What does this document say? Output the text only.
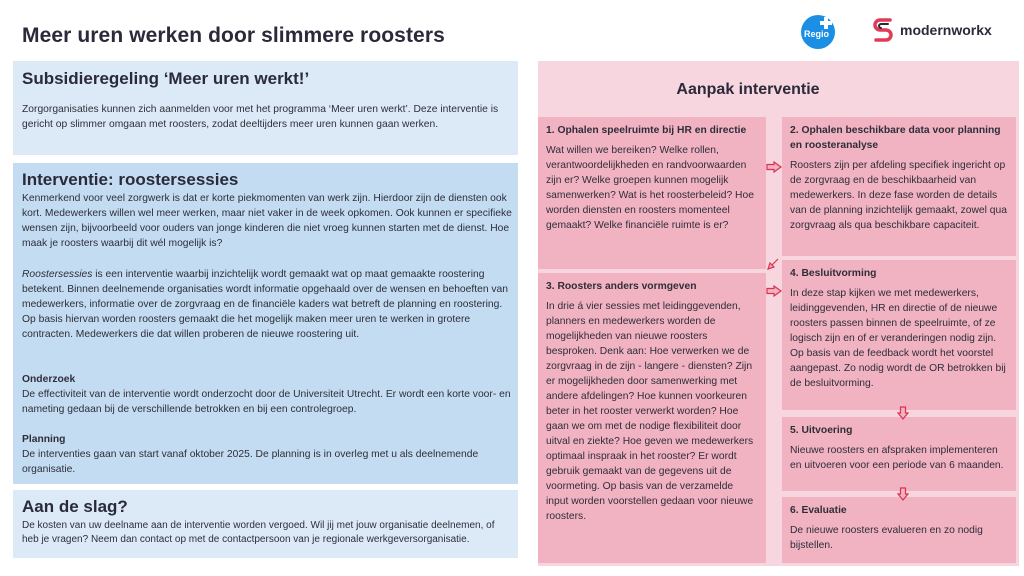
Meer uren werken door slimmere roosters	Regio	modernworkx
Subsidieregeling ‘Meer uren werkt!’
Zorgorganisaties kunnen zich aanmelden voor met het programma ‘Meer uren werkt’. Deze interventie is gericht op slimmer omgaan met roosters, zodat deeltijders meer uren kunnen gaan werken.
Interventie: roostersessies
Kenmerkend voor veel zorgwerk is dat er korte piekmomenten van werk zijn. Hierdoor zijn de diensten ook kort. Medewerkers willen wel meer werken, maar niet vaker in de week opkomen. Ook kunnen er specifieke wensen zijn, bijvoorbeeld voor ouders van jonge kinderen die niet vroeg kunnen starten met de dienst. Hoe maak je roosters waarbij dit wél mogelijk is?
Roostersessies is een interventie waarbij inzichtelijk wordt gemaakt wat op maat gemaakte roostering betekent. Binnen deelnemende organisaties wordt informatie opgehaald over de wensen en behoeften van medewerkers, informatie over de zorgvraag en de financiële kaders wat betreft de planning en roostering. Op basis hiervan worden roosters gemaakt die het mogelijk maken meer uren te werken in grotere contracten. Medewerkers die dat willen proberen de nieuwe roostering uit.
Onderzoek
De effectiviteit van de interventie wordt onderzocht door de Universiteit Utrecht. Er wordt een korte voor- en nameting gedaan bij de verschillende betrokken en bij een controlegroep.
Planning
De interventies gaan van start vanaf oktober 2025. De planning is in overleg met u als deelnemende organisatie.
Aan de slag?
De kosten van uw deelname aan de interventie worden vergoed. Wil jij met jouw organisatie deelnemen, of heb je vragen? Neem dan contact op met de contactpersoon van je regionale werkgeversorganisatie.
Aanpak interventie
1. Ophalen speelruimte bij HR en directie
Wat willen we bereiken? Welke rollen, verantwoordelijkheden en randvoorwaarden zijn er? Welke groepen kunnen mogelijk samenwerken? Wat is het roosterbeleid? Hoe worden diensten en roosters momenteel gemaakt? Welke financiële ruimte is er?
2. Ophalen beschikbare data voor planning en roosteranalyse
Roosters zijn per afdeling specifiek ingericht op de zorgvraag en de beschikbaarheid van medewerkers. In deze fase worden de details van de planning inzichtelijk gemaakt, zowel qua zorgvraag als qua beschikbare capaciteit.
3. Roosters anders vormgeven
In drie á vier sessies met leidinggevenden, planners en medewerkers worden de mogelijkheden van nieuwe roosters besproken. Denk aan: Hoe verwerken we de zorgvraag in de zijn - langere - diensten? Zijn er mogelijkheden door samenwerking met andere afdelingen? Hoe kunnen voorkeuren beter in het rooster verwerkt worden? Hoe gaan we om met de nodige flexibiliteit door uitval en ziekte? Hoe geven we medewerkers optimaal inspraak in het rooster? Er wordt gebruik gemaakt van de gegevens uit de voormeting. Op basis van de verzamelde input worden voorstellen gedaan voor nieuwe roosters.
4. Besluitvorming
In deze stap kijken we met medewerkers, leidinggevenden, HR en directie of de nieuwe roosters passen binnen de speelruimte, of ze logisch zijn en of er veranderingen nodig zijn. Op basis van de feedback wordt het voorstel aangepast. Zo nodig wordt de OR betrokken bij de besluitvorming.
5. Uitvoering
Nieuwe roosters en afspraken implementeren en uitvoeren voor een periode van 6 maanden.
6. Evaluatie
De nieuwe roosters evalueren en zo nodig bijstellen.
